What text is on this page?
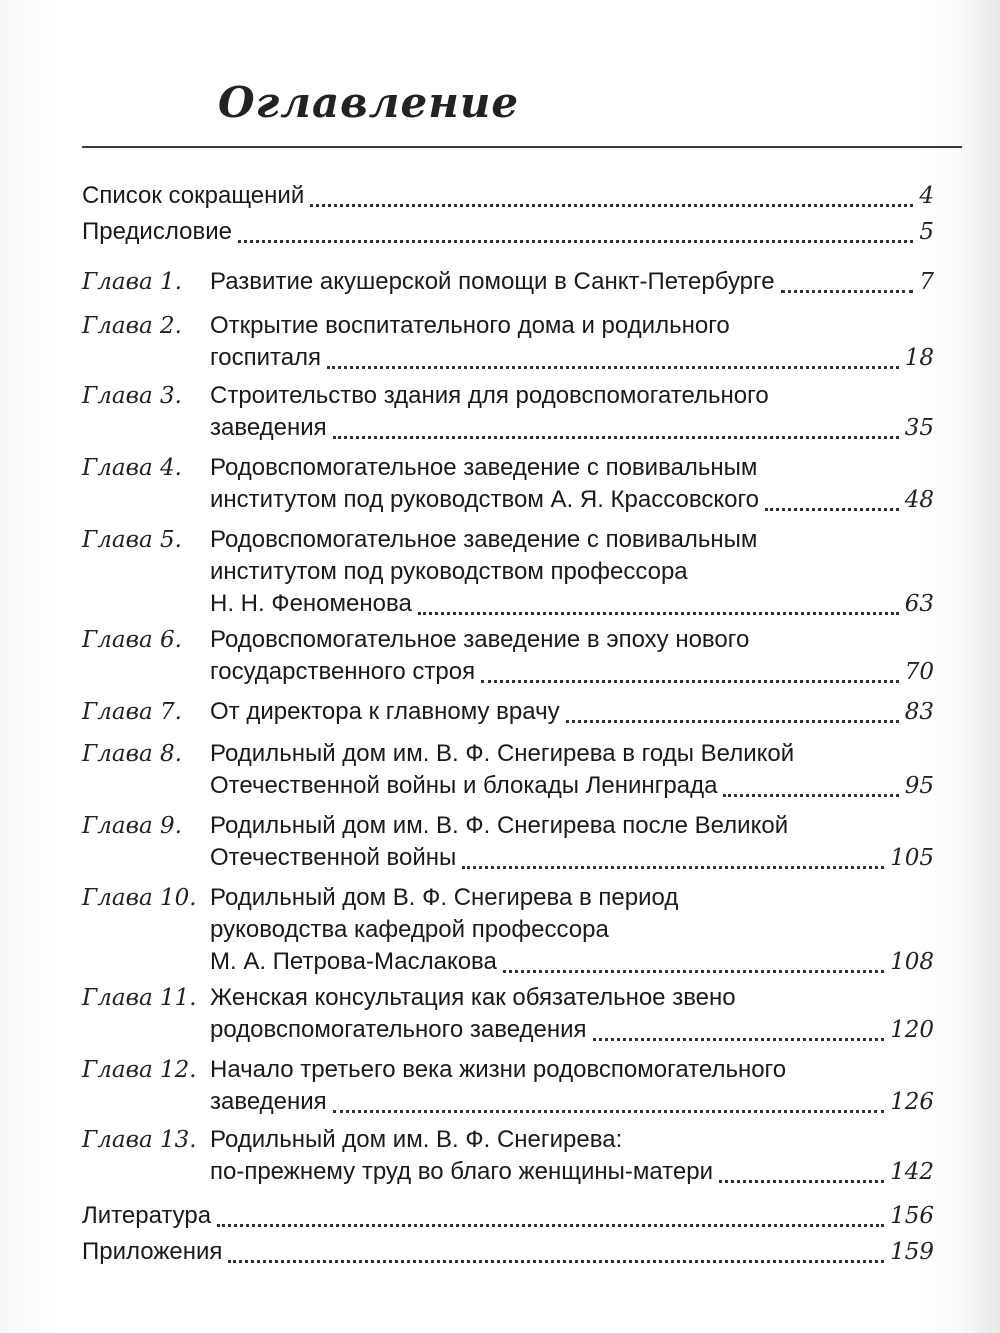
Оглавление
Список сокращений	4
Предисловие	5
Глава 1. Развитие акушерской помощи в Санкт-Петербурге	7
Глава 2. Открытие воспитательного дома и родильного
госпиталя	18
Глава 3. Строительство здания для родовспомогательного
заведения	35
Глава 4. Родовспомогательное заведение с повивальным
институтом под руководством А. Я. Крассовского	48
Глава 5. Родовспомогательное заведение с повивальным
институтом под руководством профессора
Н. Н. Феноменова	63
Глава 6. Родовспомогательное заведение в эпоху нового
государственного строя	70
Глава 7. От директора к главному врачу	83
Глава 8. Родильный дом им. В. Ф. Снегирева в годы Великой
Отечественной войны и блокады Ленинграда	95
Глава 9. Родильный дом им. В. Ф. Снегирева после Великой
Отечественной войны	105
Глава 10. Родильный дом В. Ф. Снегирева в период
руководства кафедрой профессора
М. А. Петрова-Маслакова	108
Глава 11. Женская консультация как обязательное звено
родовспомогательного заведения	120
Глава 12. Начало третьего века жизни родовспомогательного
заведения	126
Глава 13. Родильный дом им. В. Ф. Снегирева:
по-прежнему труд во благо женщины-матери	142
Литература	156
Приложения	159
